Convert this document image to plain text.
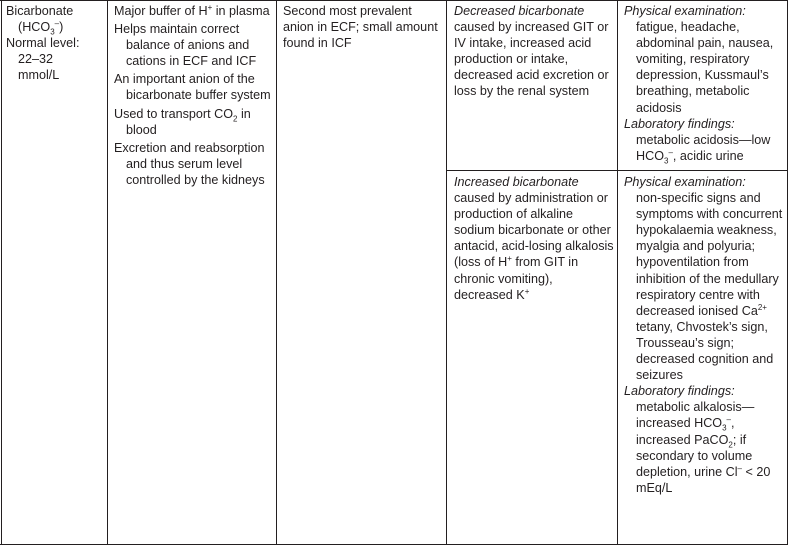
Bicarbonate
$(HCO_3^-)$
Normal level:
22–32
mmol/L
Major buffer of H+ in plasma
Helps maintain correct balance of anions and cations in ECF and ICF
An important anion of the bicarbonate buffer system
Used to transport $CO_2$ in blood
Excretion and reabsorption and thus serum level controlled by the kidneys
Second most prevalent anion in ECF; small amount found in ICF
Decreased bicarbonate
caused by increased GIT or IV intake, increased acid production or intake, decreased acid excretion or loss by the renal system
Physical examination:
fatigue, headache, abdominal pain, nausea, vomiting, respiratory depression, Kussmaul’s breathing, metabolic acidosis
Laboratory findings:
metabolic acidosis—low $HCO_3^-$, acidic urine
Increased bicarbonate
caused by administration or production of alkaline sodium bicarbonate or other antacid, acid-losing alkalosis (loss of H+ from GIT in chronic vomiting), decreased K+
Physical examination:
non-specific signs and symptoms with concurrent hypokalaemia weakness, myalgia and polyuria; hypoventilation from inhibition of the medullary respiratory centre with decreased ionised $Ca^{2+}$ tetany, Chvostek’s sign, Trousseau’s sign; decreased cognition and seizures
Laboratory findings:
metabolic alkalosis—increased $HCO_3^-$, increased PaCO$_2$; if secondary to volume depletion, urine Cl– < 20 mEq/L
